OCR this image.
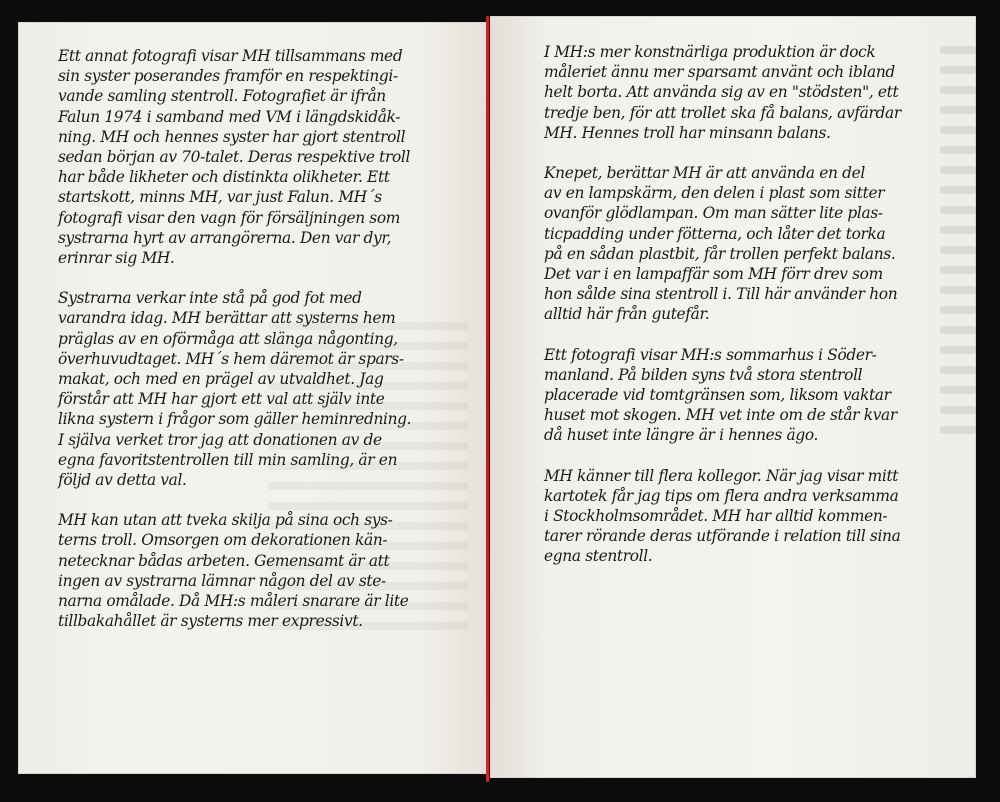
Ett annat fotografi visar MH tillsammans med
sin syster poserandes framför en respektingi-
vande samling stentroll. Fotografiet är ifrån
Falun 1974 i samband med VM i längdskidåk-
ning. MH och hennes syster har gjort stentroll
sedan början av 70-talet. Deras respektive troll
har både likheter och distinkta olikheter. Ett
startskott, minns MH, var just Falun. MH´s
fotografi visar den vagn för försäljningen som
systrarna hyrt av arrangörerna. Den var dyr,
erinrar sig MH.

Systrarna verkar inte stå på god fot med
varandra idag. MH berättar att systerns hem
präglas av en oförmåga att slänga någonting,
överhuvudtaget. MH´s hem däremot är spars-
makat, och med en prägel av utvaldhet. Jag
förstår att MH har gjort ett val att själv inte
likna systern i frågor som gäller heminredning.
I själva verket tror jag att donationen av de
egna favoritstentrollen till min samling, är en
följd av detta val.

MH kan utan att tveka skilja på sina och sys-
terns troll. Omsorgen om dekorationen kän-
netecknar bådas arbeten. Gemensamt är att
ingen av systrarna lämnar någon del av ste-
narna omålade. Då MH:s måleri snarare är lite
tillbakahållet är systerns mer expressivt.

I MH:s mer konstnärliga produktion är dock
måleriet ännu mer sparsamt använt och ibland
helt borta. Att använda sig av en "stödsten", ett
tredje ben, för att trollet ska få balans, avfärdar
MH. Hennes troll har minsann balans.

Knepet, berättar MH är att använda en del
av en lampskärm, den delen i plast som sitter
ovanför glödlampan. Om man sätter lite plas-
ticpadding under fötterna, och låter det torka
på en sådan plastbit, får trollen perfekt balans.
Det var i en lampaffär som MH förr drev som
hon sålde sina stentroll i. Till här använder hon
alltid här från gutefår.

Ett fotografi visar MH:s sommarhus i Söder-
manland. På bilden syns två stora stentroll
placerade vid tomtgränsen som, liksom vaktar
huset mot skogen. MH vet inte om de står kvar
då huset inte längre är i hennes ägo.

MH känner till flera kollegor. När jag visar mitt
kartotek får jag tips om flera andra verksamma
i Stockholmsområdet. MH har alltid kommen-
tarer rörande deras utförande i relation till sina
egna stentroll.
